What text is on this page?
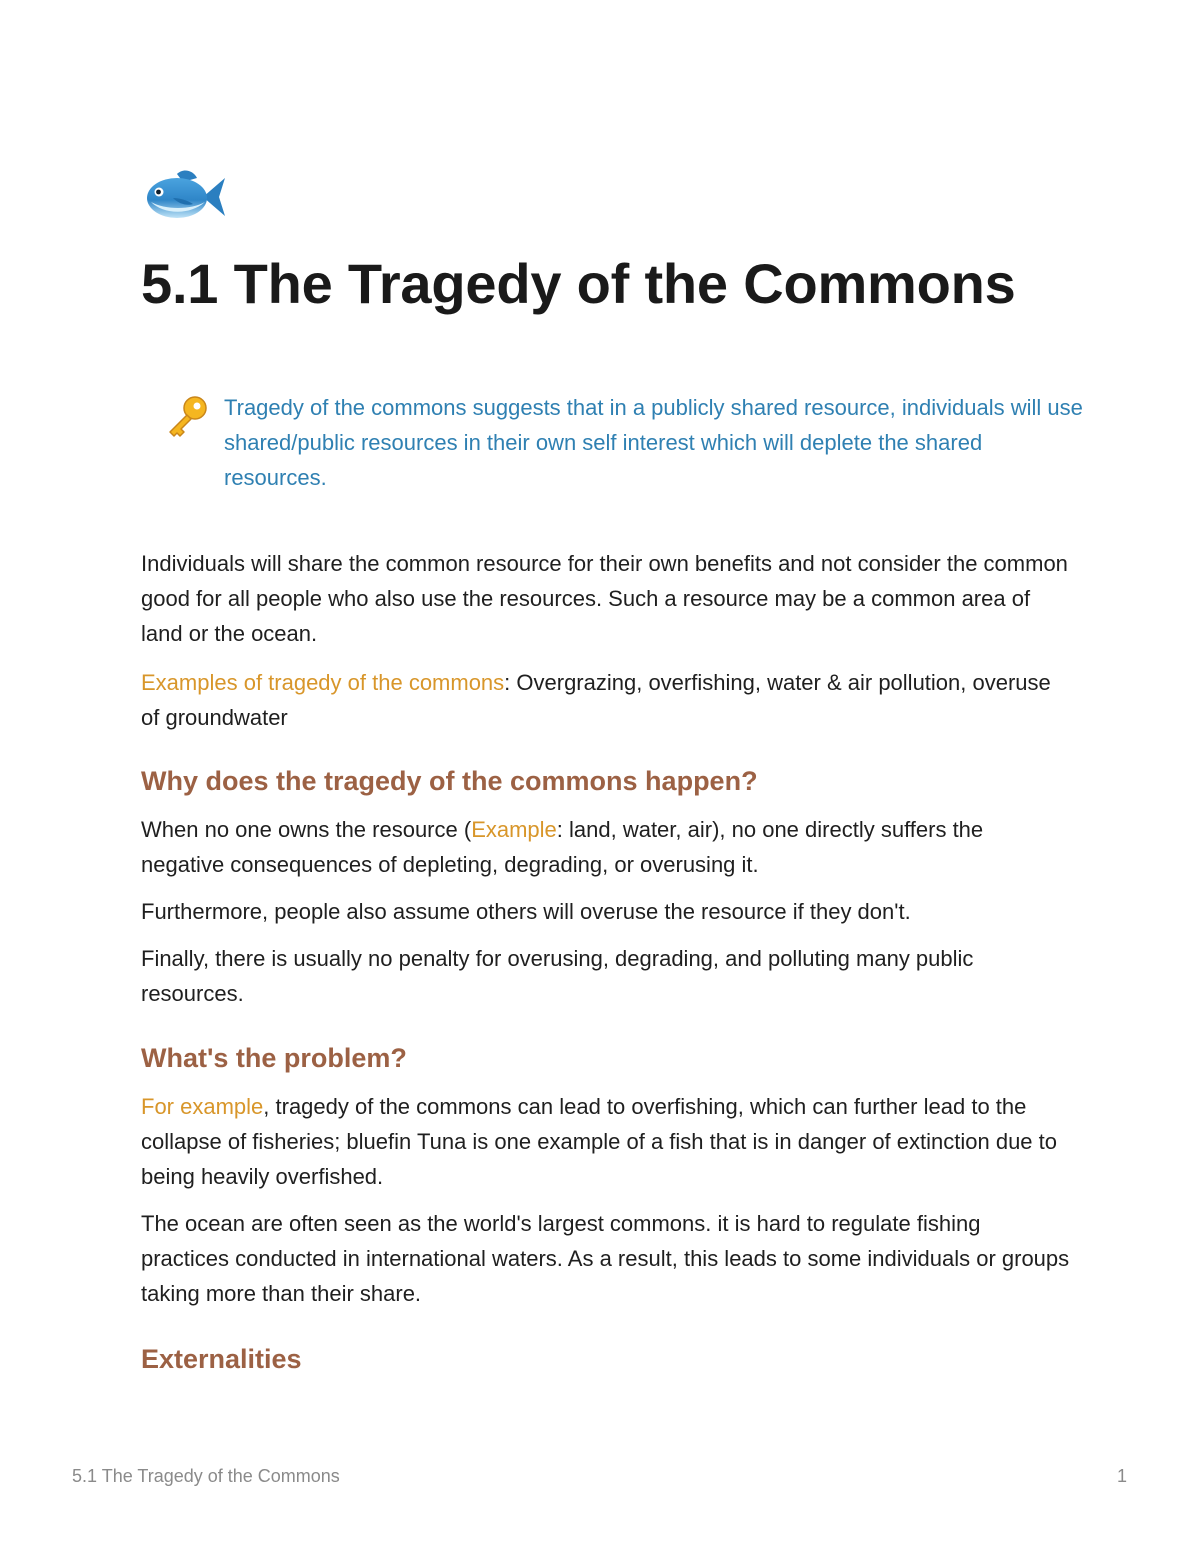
5.1 The Tragedy of the Commons

Tragedy of the commons suggests that in a publicly shared resource, individuals will use shared/public resources in their own self interest which will deplete the shared resources.

Individuals will share the common resource for their own benefits and not consider the common good for all people who also use the resources. Such a resource may be a common area of land or the ocean.

Examples of tragedy of the commons: Overgrazing, overfishing, water & air pollution, overuse of groundwater

Why does the tragedy of the commons happen?

When no one owns the resource (Example: land, water, air), no one directly suffers the negative consequences of depleting, degrading, or overusing it.

Furthermore, people also assume others will overuse the resource if they don't.

Finally, there is usually no penalty for overusing, degrading, and polluting many public resources.

What's the problem?

For example, tragedy of the commons can lead to overfishing, which can further lead to the collapse of fisheries; bluefin Tuna is one example of a fish that is in danger of extinction due to being heavily overfished.

The ocean are often seen as the world's largest commons. it is hard to regulate fishing practices conducted in international waters. As a result, this leads to some individuals or groups taking more than their share.

Externalities
5.1 The Tragedy of the Commons	1
